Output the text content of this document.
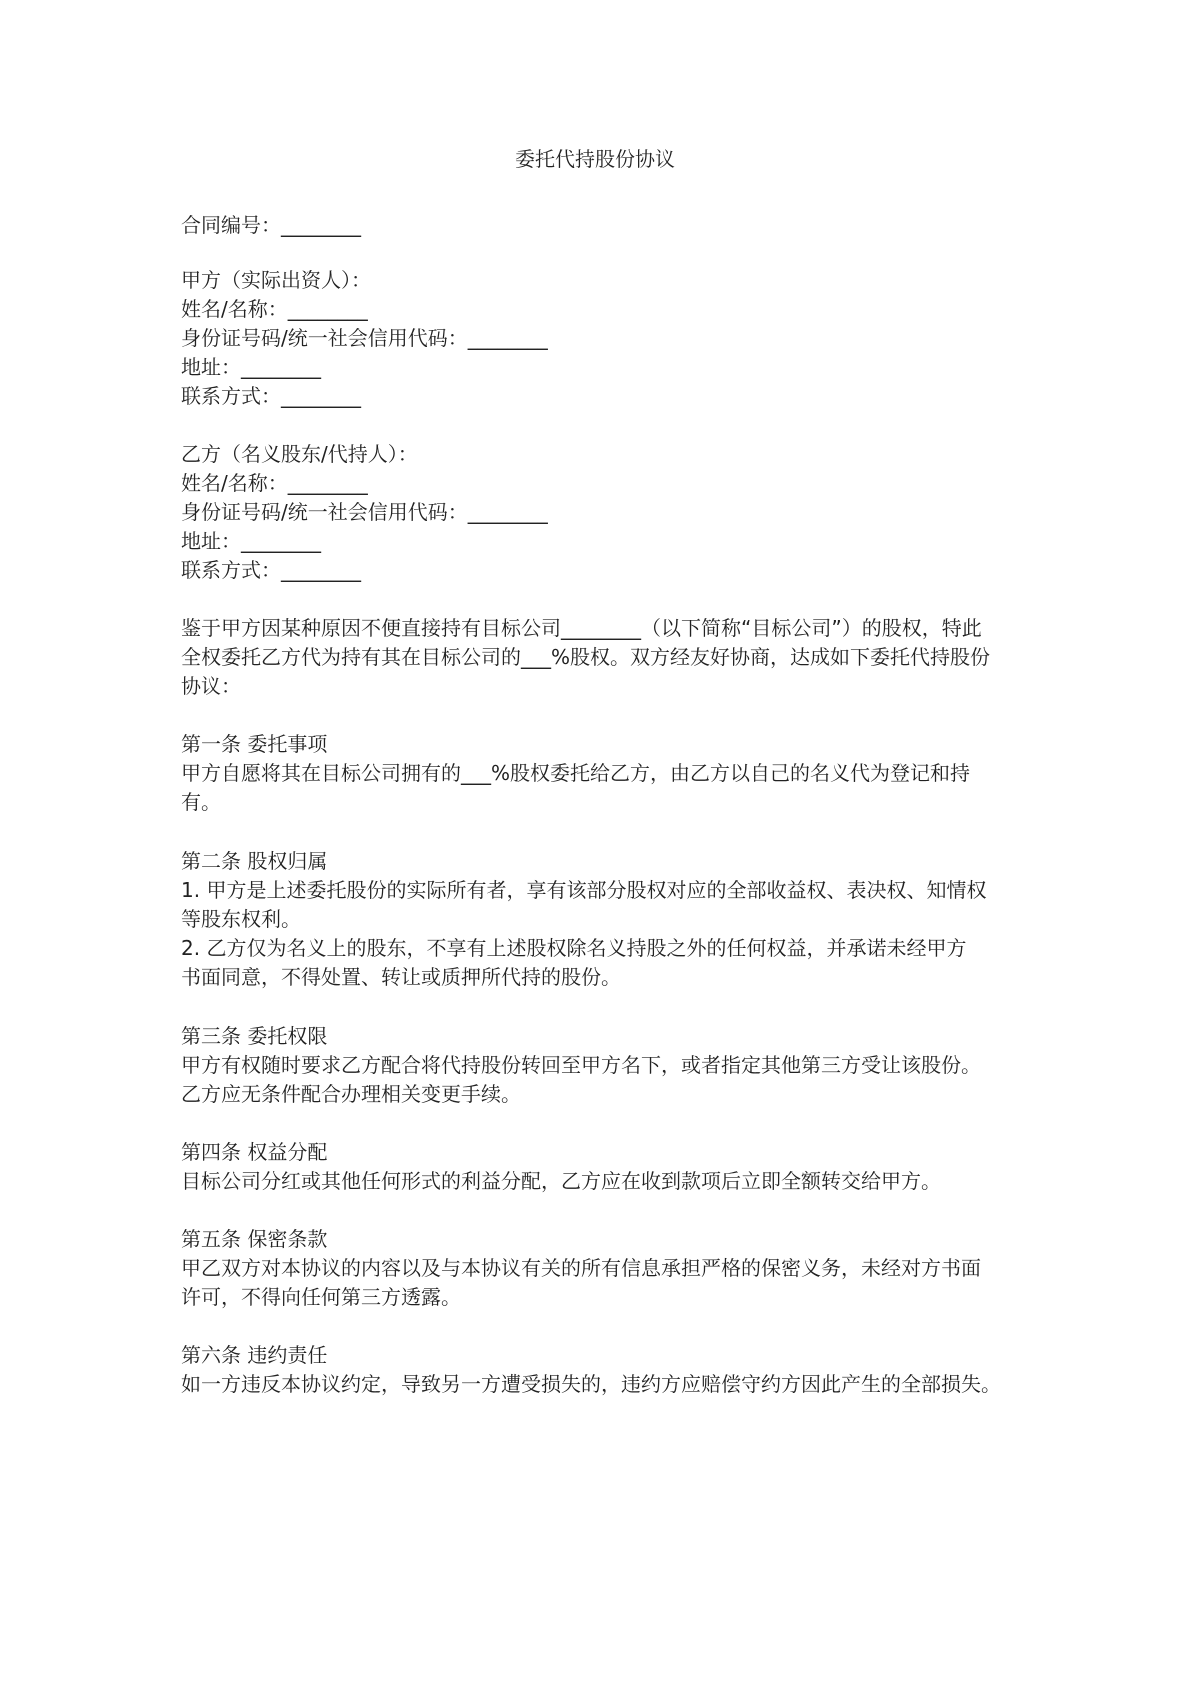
委托代持股份协议
合同编号：________
甲方（实际出资人）：
姓名/名称：________
身份证号码/统一社会信用代码：________
地址：________
联系方式：________
乙方（名义股东/代持人）：
姓名/名称：________
身份证号码/统一社会信用代码：________
地址：________
联系方式：________
鉴于甲方因某种原因不便直接持有目标公司________（以下简称“目标公司”）的股权，特此
全权委托乙方代为持有其在目标公司的___%股权。双方经友好协商，达成如下委托代持股份
协议：
第一条 委托事项
甲方自愿将其在目标公司拥有的___%股权委托给乙方，由乙方以自己的名义代为登记和持
有。
第二条 股权归属
1. 甲方是上述委托股份的实际所有者，享有该部分股权对应的全部收益权、表决权、知情权
等股东权利。
2. 乙方仅为名义上的股东，不享有上述股权除名义持股之外的任何权益，并承诺未经甲方
书面同意，不得处置、转让或质押所代持的股份。
第三条 委托权限
甲方有权随时要求乙方配合将代持股份转回至甲方名下，或者指定其他第三方受让该股份。
乙方应无条件配合办理相关变更手续。
第四条 权益分配
目标公司分红或其他任何形式的利益分配，乙方应在收到款项后立即全额转交给甲方。
第五条 保密条款
甲乙双方对本协议的内容以及与本协议有关的所有信息承担严格的保密义务，未经对方书面
许可，不得向任何第三方透露。
第六条 违约责任
如一方违反本协议约定，导致另一方遭受损失的，违约方应赔偿守约方因此产生的全部损失。
